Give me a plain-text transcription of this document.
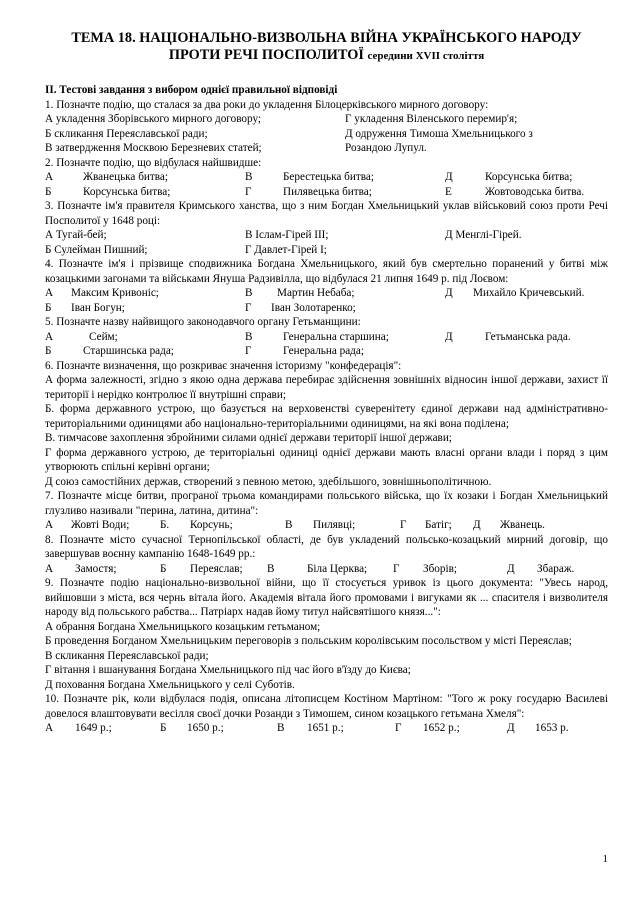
ТЕМА 18. НАЦІОНАЛЬНО-ВИЗВОЛЬНА ВІЙНА УКРАЇНСЬКОГО НАРОДУ
ПРОТИ РЕЧІ ПОСПОЛИТОЇ середини XVII століття
II. Тестові завдання з вибором однієї правильної відповіді
1. Позначте подію, що сталася за два роки до укладення Білоцерківського мирного договору:
А укладення Зборівського мирного договору;	Г укладення Віленського перемир'я;
Б скликання Переяславської ради;	Д одруження Тимоша Хмельницького з
В затвердження Москвою Березневих статей;	Розандою Лупул.
2. Позначте подію, що відбулася найшвидше:
А	Жванецька битва;	В	Берестецька битва;	Д	Корсунська битва;
Б	Корсунська битва;	Г	Пилявецька битва;	Е	Жовтоводська битва.
3. Позначте ім'я правителя Кримського ханства, що з ним Богдан Хмельницький уклав військовий союз проти Речі Посполитої у 1648 році:
А Тугай-бей;	В Іслам-Гірей ІІІ;	Д Менглі-Гірей.
Б Сулейман Пишний;	Г Давлет-Гірей І;
4. Позначте ім'я і прізвище сподвижника Богдана Хмельницького, який був смертельно поранений у битві між козацькими загонами та військами Януша Радзивілла, що відбулася 21 липня 1649 р. під Лоєвом:
А Максим Кривоніс;	В Мартин Небаба;	Д Михайло Кричевський.
Б Іван Богун;	Г Іван Золотаренко;
5. Позначте назву найвищого законодавчого органу Гетьманщини:
А	Сейм;	В	Генеральна старшина;	Д	Гетьманська рада.
Б	Старшинська рада;	Г	Генеральна рада;
6. Позначте визначення, що розкриває значення історизму "конфедерація":
А форма залежності, згідно з якою одна держава перебирає здійснення зовнішніх відносин іншої держави, захист її території і нерідко контролює її внутрішні справи;
Б. форма державного устрою, що базується на верховенстві суверенітету єдиної держави над адміністративно-територіальними одиницями або національно-територіальними одиницями, на які вона поділена;
В. тимчасове захоплення збройними силами однієї держави території іншої держави;
Г форма державного устрою, де територіальні одиниці однієї держави мають власні органи влади і поряд з цим утворюють спільні керівні органи;
Д союз самостійних держав, створений з певною метою, здебільшого, зовнішньополітичною.
7. Позначте місце битви, програної трьома командирами польського війська, що їх козаки і Богдан Хмельницький глузливо називали "перина, латина, дитина":
А Жовті Води;	Б. Корсунь;	В Пилявці;	Г Батіг; Д Жванець.
8. Позначте місто сучасної Тернопільської області, де був укладений польсько-козацький мирний договір, що завершував воєнну кампанію 1648-1649 рр.:
А Замостя;	Б Переяслав; В	Біла Церква; Г Зборів;	Д Збараж.
9. Позначте подію національно-визвольної війни, що її стосується уривок із цього документа: "Увесь народ, вийшовши з міста, вся чернь вітала його. Академія вітала його промовами і вигуками як ... спасителя і визволителя народу від польського рабства... Патріарх надав йому титул найсвятішого князя...":
А обрання Богдана Хмельницького козацьким гетьманом;
Б проведення Богданом Хмельницьким переговорів з польським королівським посольством у місті Переяслав;
В скликання Переяславської ради;
Г вітання і вшанування Богдана Хмельницького під час його в'їзду до Києва;
Д поховання Богдана Хмельницького у селі Суботів.
10. Позначте рік, коли відбулася подія, описана літописцем Костіном Мартіном: "Того ж року государю Василеві довелося влаштовувати весілля своєї дочки Розанди з Тимошем, сином козацького гетьмана Хмеля":
А 1649 р.;	Б 1650 р.;	В 1651 р.;	Г 1652 р.;	Д 1653 р.
1
